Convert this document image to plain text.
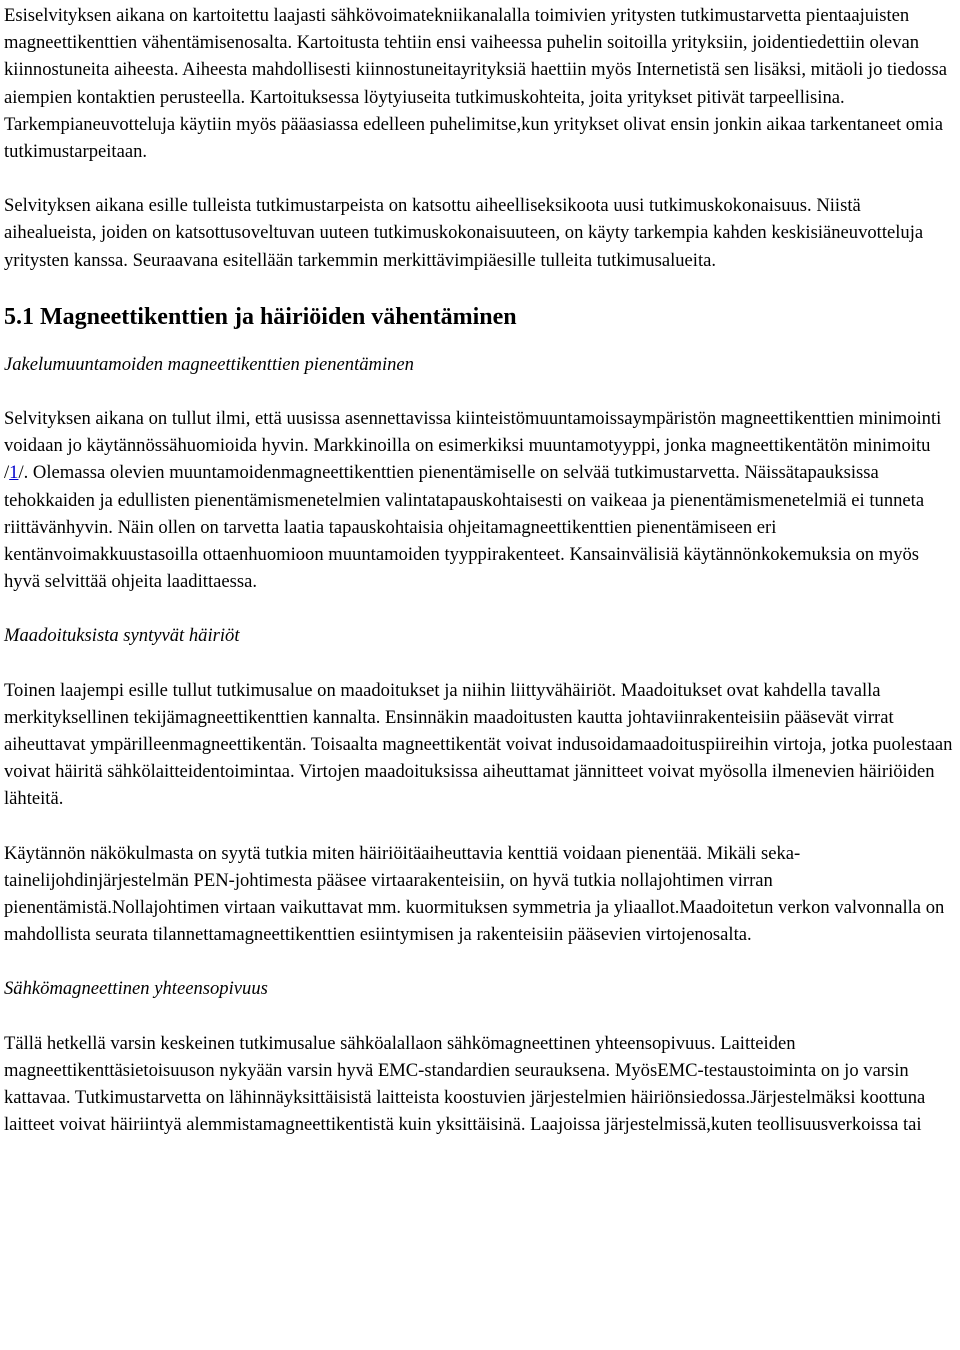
Esiselvityksen aikana on kartoitettu laajasti sähkövoimatekniikanalalla toimivien yritysten tutkimustarvetta pientaajuisten magneettikenttien vähentämisenosalta. Kartoitusta tehtiin ensi vaiheessa puhelin soitoilla yrityksiin, joidentiedettiin olevan kiinnostuneita aiheesta. Aiheesta mahdollisesti kiinnostuneitayrityksiä haettiin myös Internetistä sen lisäksi, mitäoli jo tiedossa aiempien kontaktien perusteella. Kartoituksessa löytyiuseita tutkimuskohteita, joita yritykset pitivät tarpeellisina. Tarkempianeuvotteluja käytiin myös pääasiassa edelleen puhelimitse,kun yritykset olivat ensin jonkin aikaa tarkentaneet omia tutkimustarpeitaan.

Selvityksen aikana esille tulleista tutkimustarpeista on katsottu aiheelliseksikoota uusi tutkimuskokonaisuus. Niistä aihealueista, joiden on katsottusoveltuvan uuteen tutkimuskokonaisuuteen, on käyty tarkempia kahden keskisiäneuvotteluja yritysten kanssa. Seuraavana esitellään tarkemmin merkittävimpiäesille tulleita tutkimusalueita.

5.1 Magneettikenttien ja häiriöiden vähentäminen

Jakelumuuntamoiden magneettikenttien pienentäminen

Selvityksen aikana on tullut ilmi, että uusissa asennettavissa kiinteistömuuntamoissaympäristön magneettikenttien minimointi voidaan jo käytännössähuomioida hyvin. Markkinoilla on esimerkiksi muuntamotyyppi, jonka magneettikentätön minimoitu /1/. Olemassa olevien muuntamoidenmagneettikenttien pienentämiselle on selvää tutkimustarvetta. Näissätapauksissa tehokkaiden ja edullisten pienentämismenetelmien valintatapauskohtaisesti on vaikeaa ja pienentämismenetelmiä ei tunneta riittävänhyvin. Näin ollen on tarvetta laatia tapauskohtaisia ohjeitamagneettikenttien pienentämiseen eri kentänvoimakkuustasoilla ottaenhuomioon muuntamoiden tyyppirakenteet. Kansainvälisiä käytännönkokemuksia on myös hyvä selvittää ohjeita laadittaessa.

Maadoituksista syntyvät häiriöt

Toinen laajempi esille tullut tutkimusalue on maadoitukset ja niihin liittyvähäiriöt. Maadoitukset ovat kahdella tavalla merkityksellinen tekijämagneettikenttien kannalta. Ensinnäkin maadoitusten kautta johtaviinrakenteisiin pääsevät virrat aiheuttavat ympärilleenmagneettikentän. Toisaalta magneettikentät voivat indusoidamaadoituspiireihin virtoja, jotka puolestaan voivat häiritä sähkölaitteidentoimintaa. Virtojen maadoituksissa aiheuttamat jännitteet voivat myösolla ilmenevien häiriöiden lähteitä.

Käytännön näkökulmasta on syytä tutkia miten häiriöitäaiheuttavia kenttiä voidaan pienentää. Mikäli seka- tainelijohdinjärjestelmän PEN-johtimesta pääsee virtaarakenteisiin, on hyvä tutkia nollajohtimen virran pienentämistä.Nollajohtimen virtaan vaikuttavat mm. kuormituksen symmetria ja yliaallot.Maadoitetun verkon valvonnalla on mahdollista seurata tilannettamagneettikenttien esiintymisen ja rakenteisiin pääsevien virtojenosalta.

Sähkömagneettinen yhteensopivuus

Tällä hetkellä varsin keskeinen tutkimusalue sähköalallaon sähkömagneettinen yhteensopivuus. Laitteiden magneettikenttäsietoisuuson nykyään varsin hyvä EMC-standardien seurauksena. MyösEMC-testaustoiminta on jo varsin kattavaa. Tutkimustarvetta on lähinnäyksittäisistä laitteista koostuvien järjestelmien häiriönsiedossa.Järjestelmäksi koottuna laitteet voivat häiriintyä alemmistamagneettikentistä kuin yksittäisinä. Laajoissa järjestelmissä,kuten teollisuusverkoissa tai
